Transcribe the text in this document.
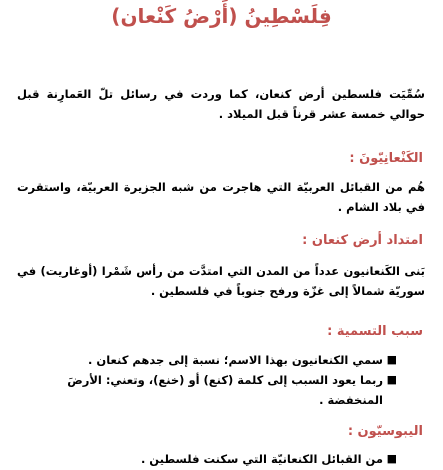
فِلَسْطِينُ (أَرْضُ كَنْعان)
سُمِّيَت فلسطين أرض كنعان، كما وردت في رسائل تلّ العَمارِنة قبل حوالي خمسة عشر قرناً قبل الميلاد .
الكَنْعانِيّونَ :
هُم من القبائل العربيّة التي هاجرت من شبه الجزيرة العربيّة، واستقرت في بلاد الشام .
امتداد أرض كنعان :
بَنى الكَنعانيون عدداً من المدن التي امتدَّت من رأس شَمْرا (أوغاريت) في سوريّة شمالاً إلى غزّة ورفح جنوباً في فلسطين .
سبب التسمية :
■
سمي الكنعانيون بهذا الاسم؛ نسبة إلى جدهم كنعان .
■
ربما يعود السبب إلى كلمة (كنع) أو (خنع)، وتعني: الأرضَ المنخفضة .
اليبوسيّون :
■
من القبائل الكنعانيّة التي سكنت فلسطين .
